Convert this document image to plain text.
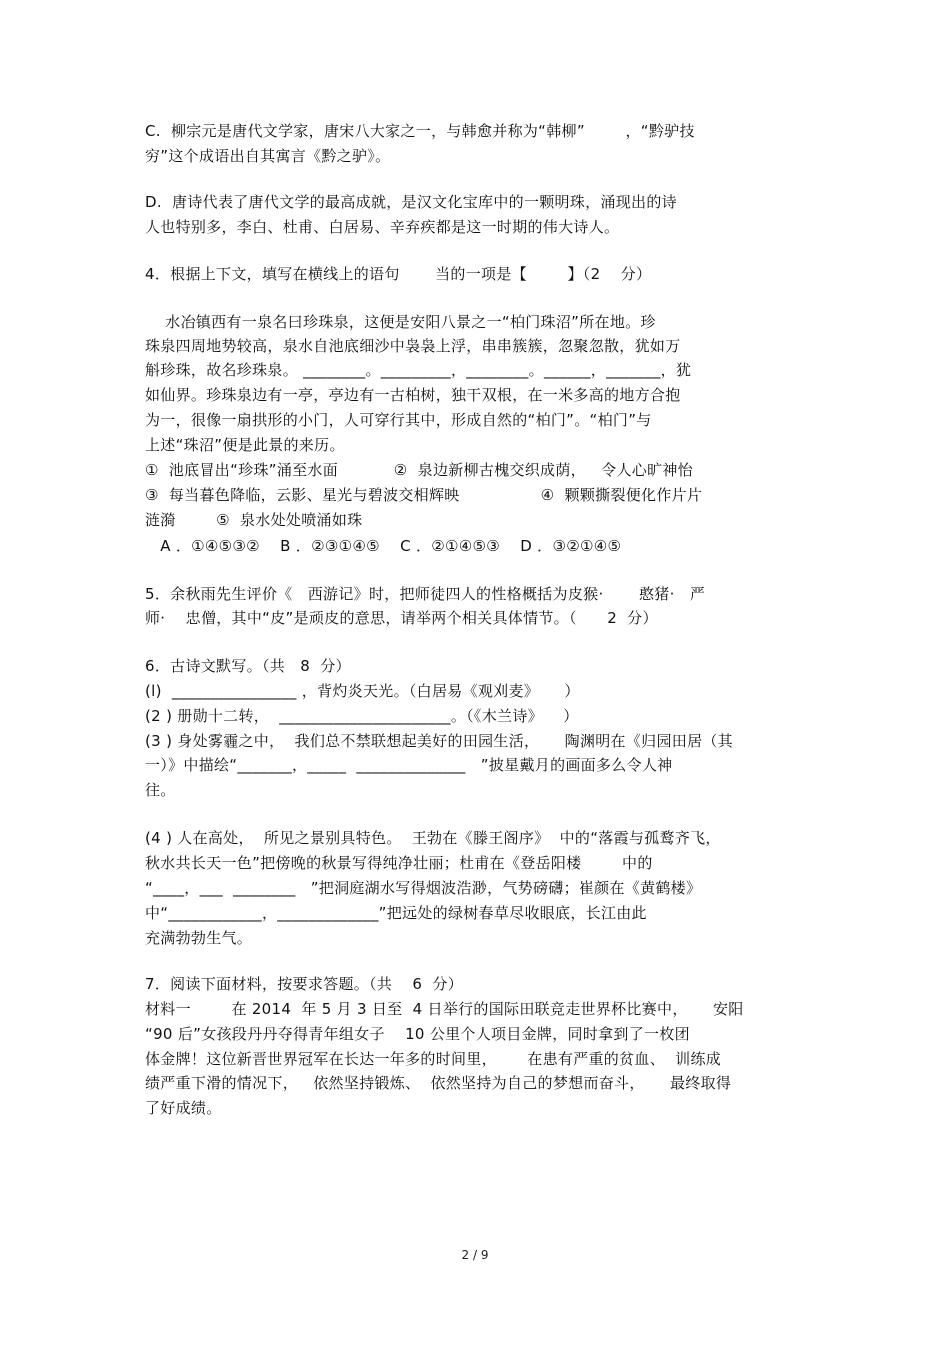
C.  柳宗元是唐代文学家，唐宋八大家之一，与韩愈并称为“韩柳”        ，“黔驴技
穷”这个成语出自其寓言《黔之驴》。
D.  唐诗代表了唐代文学的最高成就，是汉文化宝库中的一颗明珠，涌现出的诗
人也特别多，李白、杜甫、白居易、辛弃疾都是这一时期的伟大诗人。
4．根据上下文，填写在横线上的语句       当的一项是【        】（2    分）
水冶镇西有一泉名曰珍珠泉，这便是安阳八景之一“柏门珠沼”所在地。珍
珠泉四周地势较高，泉水自池底细沙中袅袅上浮，串串簇簇，忽聚忽散，犹如万
斛珍珠，故名珍珠泉。 ________。_________，________。______，_______，犹
如仙界。珍珠泉边有一亭，亭边有一古柏树，独干双根，在一米多高的地方合抱
为一，很像一扇拱形的小门，人可穿行其中，形成自然的“柏门”。“柏门”与
上述“珠沼”便是此景的来历。
①  池底冒出“珍珠”涌至水面           ②  泉边新柳古槐交织成荫，   令人心旷神怡
③  每当暮色降临，云影、星光与碧波交相辉映                ④  颗颗撕裂便化作片片
涟漪        ⑤  泉水处处喷涌如珠
A ．①④⑤③②    B ．②③①④⑤    C ．②①④⑤③    D ．③②①④⑤
5．余秋雨先生评价《   西游记》时，把师徒四人的性格概括为皮猴·       憨猪·   严
师·    忠僧，其中“皮”是顽皮的意思，请举两个相关具体情节。（      2  分）
6．古诗文默写。（共   8  分）
(l)  ________________ ，背灼炎天光。（白居易《观刈麦》     ）
(2 ) 册勋十二转，  ______________________。（《木兰诗》    ）
(3 ) 身处雾霾之中，  我们总不禁联想起美好的田园生活，     陶渊明在《归园田居（其
一）》中描绘“_______，_____  ______________   ”披星戴月的画面多么令人神
往。
(4 ) 人在高处，  所见之景别具特色。  王勃在《滕王阁序》  中的“落霞与孤鹜齐飞，
秋水共长天一色”把傍晚的秋景写得纯净壮丽；杜甫在《登岳阳楼        中的
“____，___  ________   ”把洞庭湖水写得烟波浩渺，气势磅礴；崔颜在《黄鹤楼》
中“____________，_____________”把远处的绿树春草尽收眼底，长江由此
充满勃勃生气。
7．阅读下面材料，按要求答题。（共    6  分）
材料一        在 2014  年 5 月 3 日至  4 日举行的国际田联竞走世界杯比赛中，     安阳
“90 后”女孩段丹丹夺得青年组女子    10 公里个人项目金牌，同时拿到了一枚团
体金牌！这位新晋世界冠军在长达一年多的时间里，      在患有严重的贫血、  训练成
绩严重下滑的情况下，   依然坚持锻炼、  依然坚持为自己的梦想而奋斗，     最终取得
了好成绩。
2 / 9
